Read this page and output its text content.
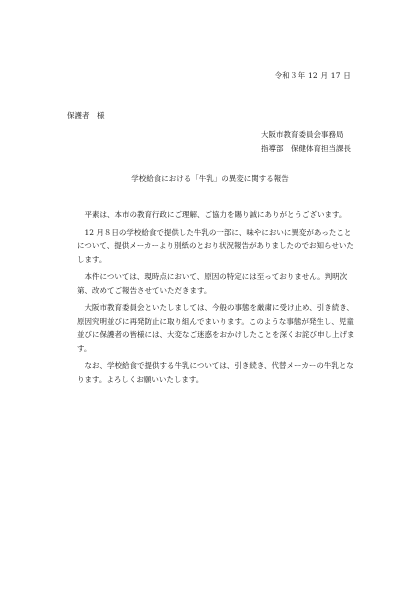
令和３年 12 月 17 日
保護者　様
大阪市教育委員会事務局
指導部　保健体育担当課長
学校給食における「牛乳」の異変に関する報告

平素は、本市の教育行政にご理解、ご協力を賜り誠にありがとうございます。

12 月８日の学校給食で提供した牛乳の一部に、味やにおいに異変があったことについて、提供メーカーより別紙のとおり状況報告がありましたのでお知らせいたします。

本件については、現時点において、原因の特定には至っておりません。判明次第、改めてご報告させていただきます。

大阪市教育委員会といたしましては、今般の事態を厳粛に受け止め、引き続き、原因究明並びに再発防止に取り組んでまいります。このような事態が発生し、児童並びに保護者の皆様には、大変なご迷惑をおかけしたことを深くお詫び申し上げます。

なお、学校給食で提供する牛乳については、引き続き、代替メーカーの牛乳となります。よろしくお願いいたします。
